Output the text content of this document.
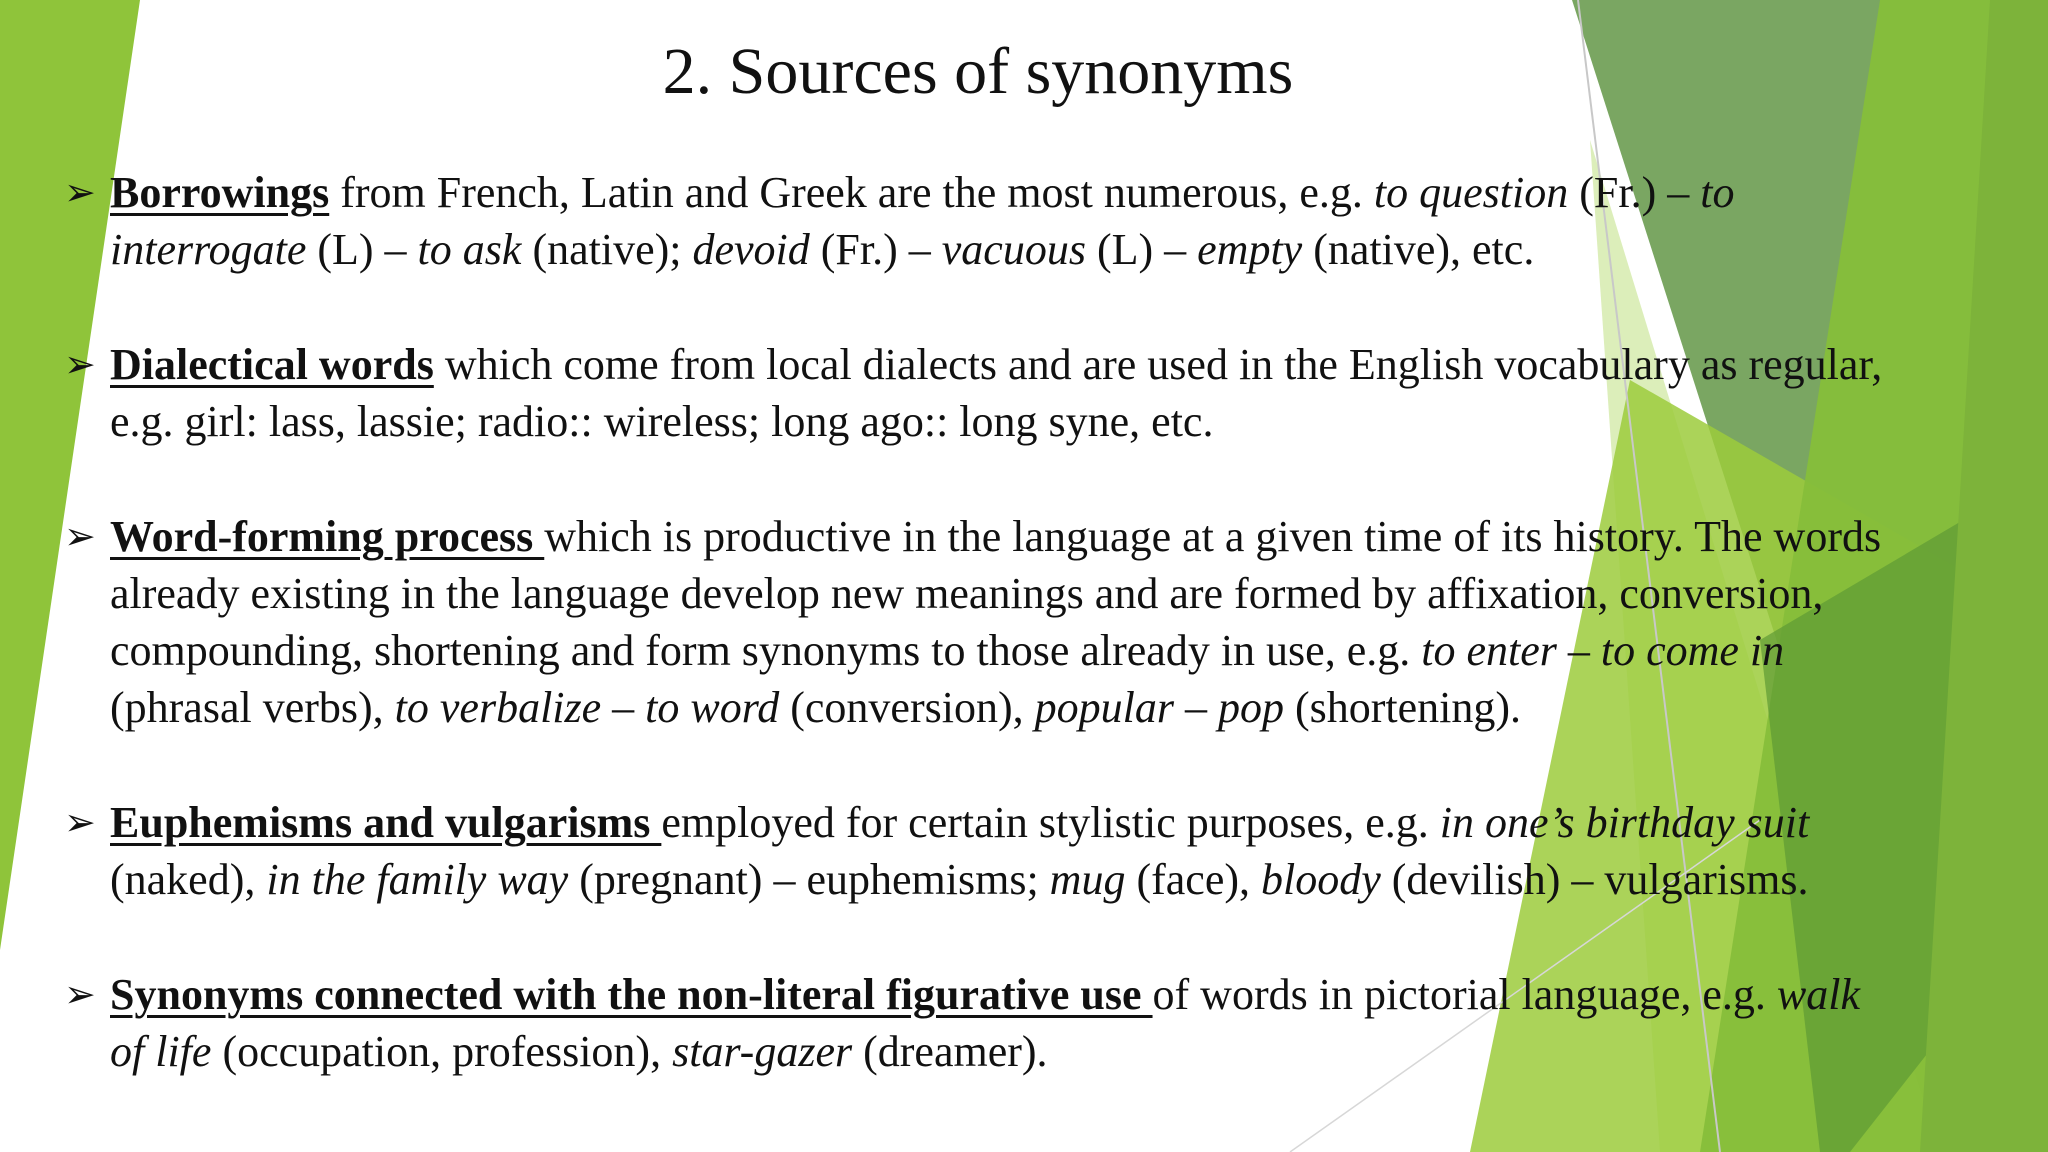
2. Sources of synonyms
➢ Borrowings from French, Latin and Greek are the most numerous, e.g. to question (Fr.) – to
interrogate (L) – to ask (native); devoid (Fr.) – vacuous (L) – empty (native), etc.
➢ Dialectical words which come from local dialects and are used in the English vocabulary as regular,
e.g. girl: lass, lassie; radio:: wireless; long ago:: long syne, etc.
➢ Word-forming process which is productive in the language at a given time of its history. The words
already existing in the language develop new meanings and are formed by affixation, conversion,
compounding, shortening and form synonyms to those already in use, e.g. to enter – to come in
(phrasal verbs), to verbalize – to word (conversion), popular – pop (shortening).
➢ Euphemisms and vulgarisms employed for certain stylistic purposes, e.g. in one’s birthday suit
(naked), in the family way (pregnant) – euphemisms; mug (face), bloody (devilish) – vulgarisms.
➢ Synonyms connected with the non-literal figurative use of words in pictorial language, e.g. walk
of life (occupation, profession), star-gazer (dreamer).
